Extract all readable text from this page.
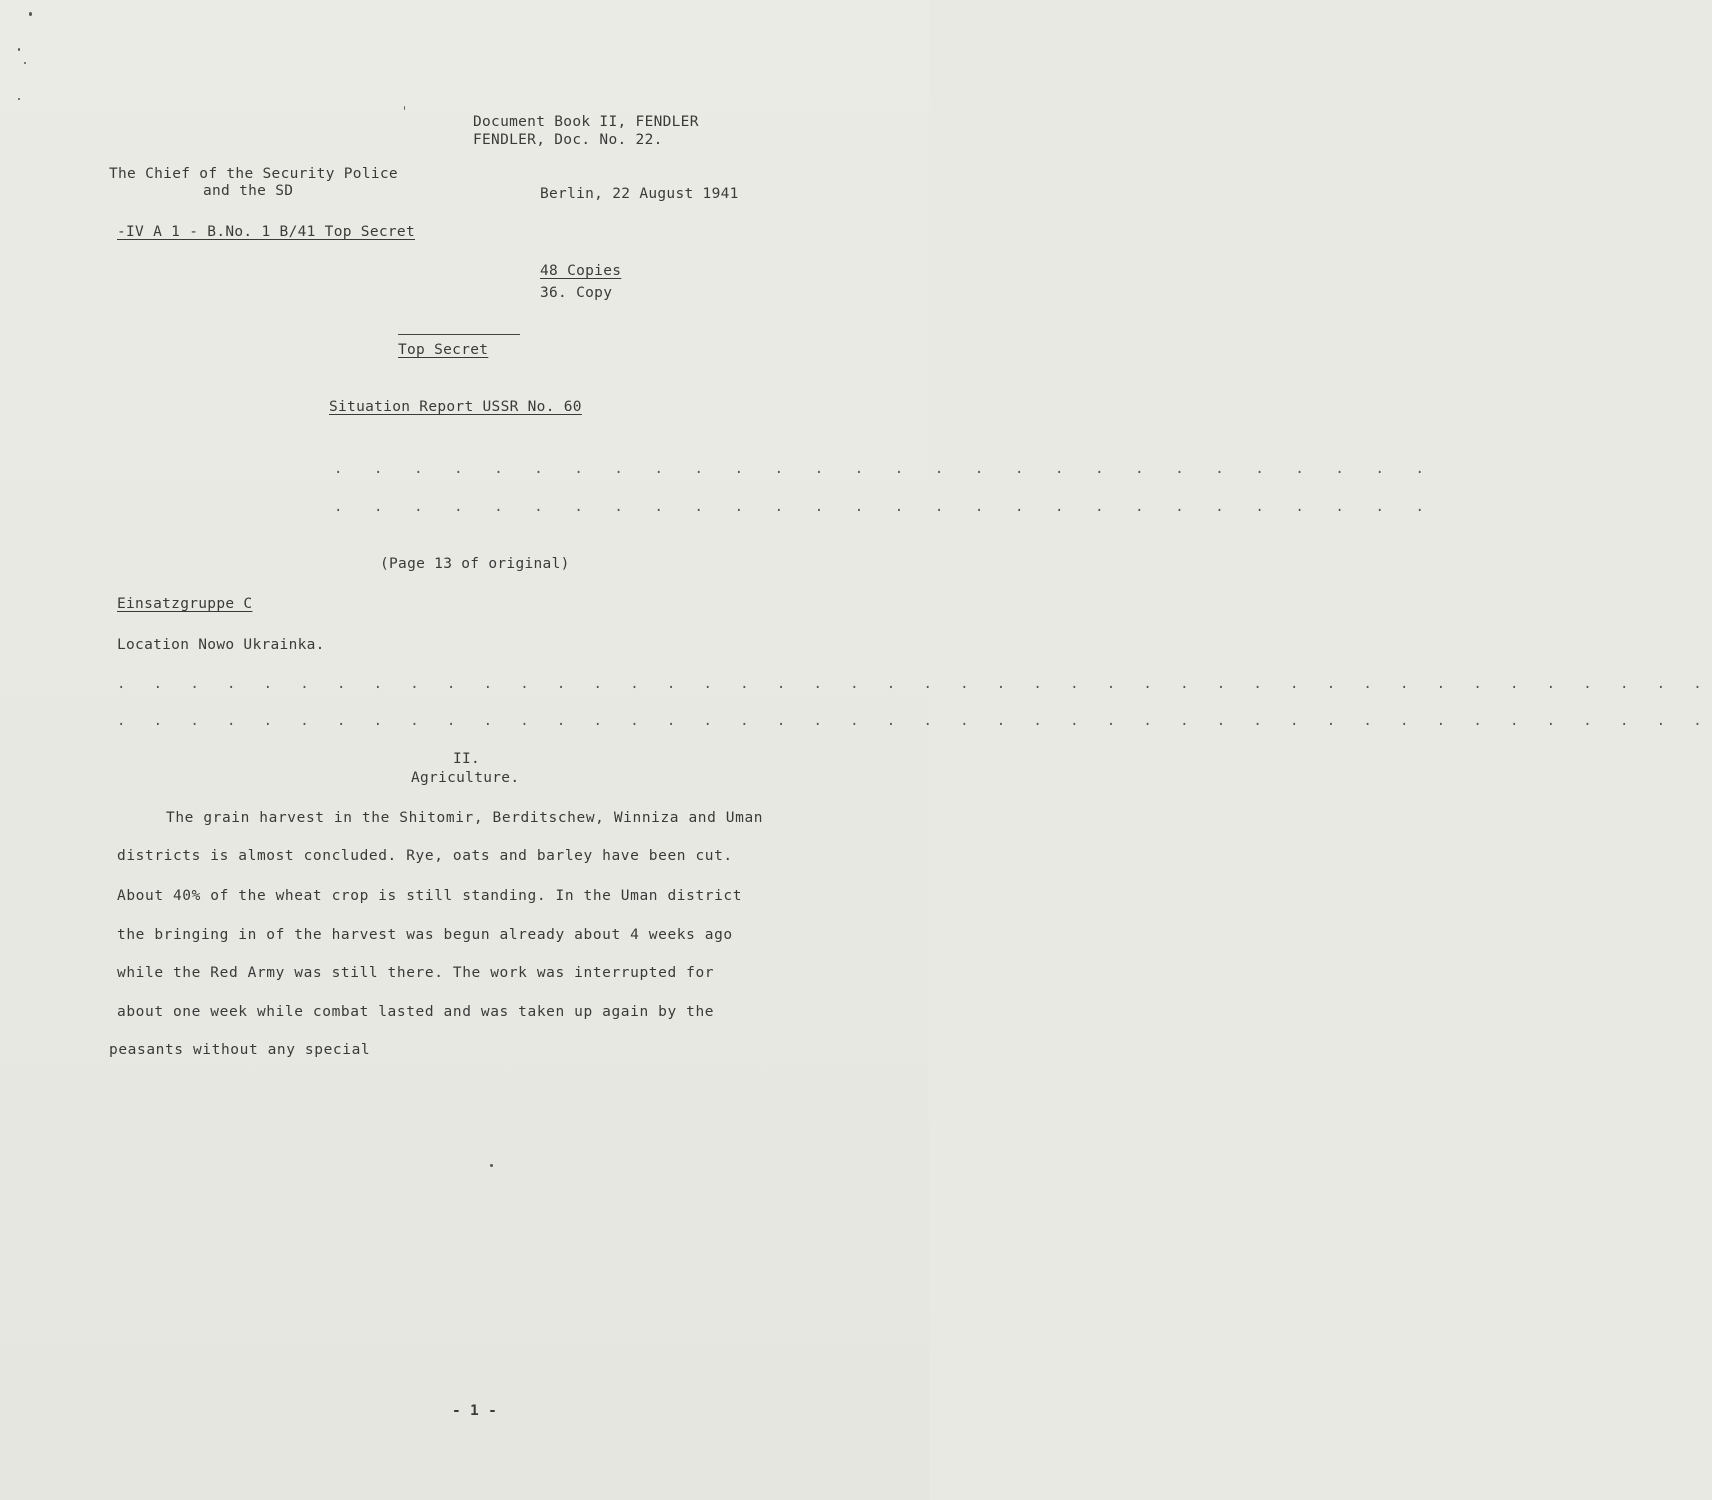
Document Book II, FENDLER
FENDLER, Doc. No. 22.
The Chief of the Security Police
and the SD	Berlin, 22 August 1941
-IV A 1 - B.No. 1 B/41 Top Secret
48 Copies
36. Copy
Top Secret
Situation Report USSR No. 60
. . . . . . . . . . . . . . . . . . . . . . . . . . . .
. . . . . . . . . . . . . . . . . . . . . . . . . . . .
(Page 13 of original)
Einsatzgruppe C
Location Nowo Ukrainka.
. . . . . . . . . . . . . . . . . . . . . . . . . . . . . . . . . . . . . . . . . . . .
. . . . . . . . . . . . . . . . . . . . . . . . . . . . . . . . . . . . . . . . . . . .
II.
Agriculture.
The grain harvest in the Shitomir, Berditschew, Winniza and Uman
districts is almost concluded. Rye, oats and barley have been cut.
About 40% of the wheat crop is still standing. In the Uman district
the bringing in of the harvest was begun already about 4 weeks ago
while the Red Army was still there. The work was interrupted for
about one week while combat lasted and was taken up again by the
peasants without any special
- 1 -
